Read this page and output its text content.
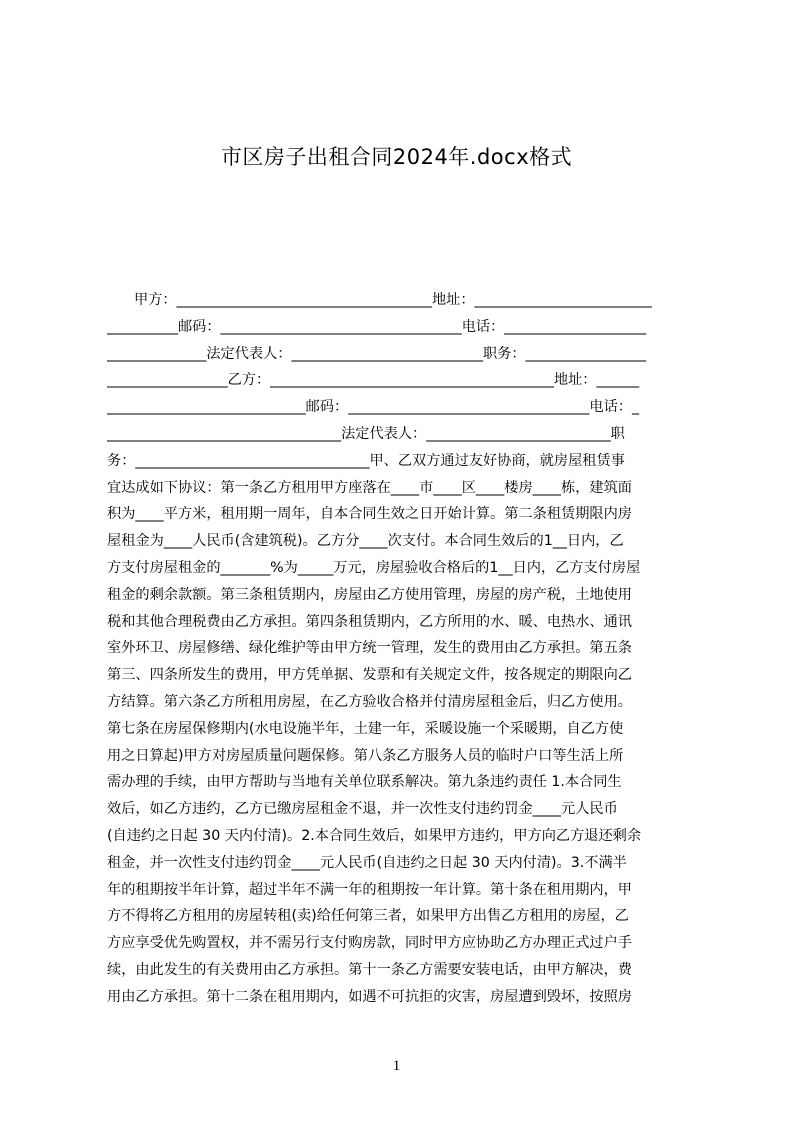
市区房子出租合同2024年.docx格式
甲方：____________________________________地址：_________________________
__________邮码：__________________________________电话：____________________
______________法定代表人：___________________________职务：_________________
_________________乙方：________________________________________地址：______
____________________________邮码：__________________________________电话：_
_________________________________法定代表人：__________________________职
务：_________________________________甲、乙双方通过友好协商，就房屋租赁事
宜达成如下协议：第一条乙方租用甲方座落在____市____区____楼房____栋，建筑面
积为____平方米，租用期一周年，自本合同生效之日开始计算。第二条租赁期限内房
屋租金为____人民币(含建筑税)。乙方分____次支付。本合同生效后的1__日内，乙
方支付房屋租金的_______%为_____万元，房屋验收合格后的1__日内，乙方支付房屋
租金的剩余款额。第三条租赁期内，房屋由乙方使用管理，房屋的房产税，土地使用
税和其他合理税费由乙方承担。第四条租赁期内，乙方所用的水、暖、电热水、通讯
室外环卫、房屋修缮、绿化维护等由甲方统一管理，发生的费用由乙方承担。第五条
第三、四条所发生的费用，甲方凭单据、发票和有关规定文件，按各规定的期限向乙
方结算。第六条乙方所租用房屋，在乙方验收合格并付清房屋租金后，归乙方使用。
第七条在房屋保修期内(水电设施半年，土建一年，采暖设施一个采暖期，自乙方使
用之日算起)甲方对房屋质量问题保修。第八条乙方服务人员的临时户口等生活上所
需办理的手续，由甲方帮助与当地有关单位联系解决。第九条违约责任 1.本合同生
效后，如乙方违约，乙方已缴房屋租金不退，并一次性支付违约罚金____元人民币
(自违约之日起 30 天内付清)。2.本合同生效后，如果甲方违约，甲方向乙方退还剩余
租金，并一次性支付违约罚金____元人民币(自违约之日起 30 天内付清)。3.不满半
年的租期按半年计算，超过半年不满一年的租期按一年计算。第十条在租用期内，甲
方不得将乙方租用的房屋转租(卖)给任何第三者，如果甲方出售乙方租用的房屋，乙
方应享受优先购置权，并不需另行支付购房款，同时甲方应协助乙方办理正式过户手
续，由此发生的有关费用由乙方承担。第十一条乙方需要安装电话，由甲方解决，费
用由乙方承担。第十二条在租用期内，如遇不可抗拒的灾害，房屋遭到毁坏，按照房
1
